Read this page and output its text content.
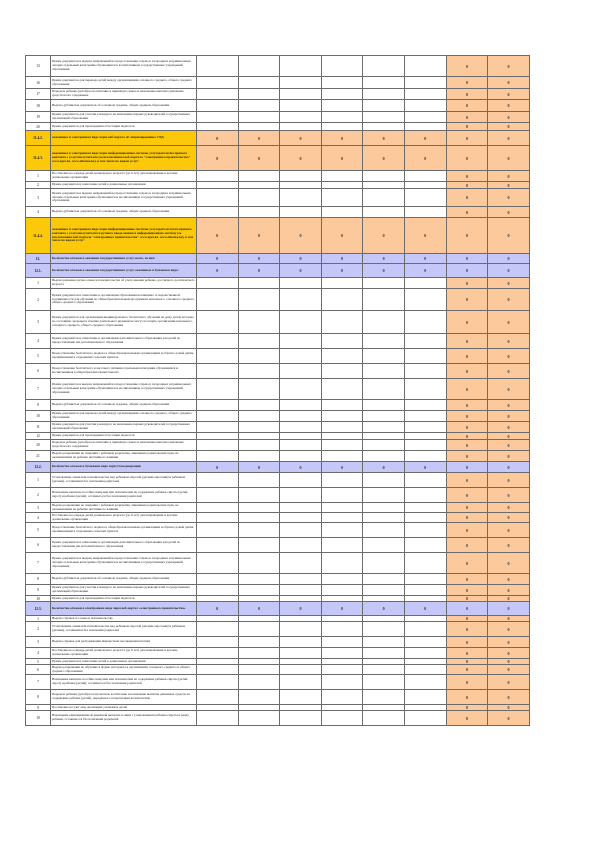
13	Прием документов и выдача направлений на предоставление отдыха в загородных и пришкольных лагерях отдельным категориям обучающихся в воспитанников государственных учреждений образования							0	0
16	Прием документов для перевода детей между организациями основного среднего, общего среднего образования							0	0
17	Передача ребенка (детей) на воспитание в приемную семью и назначение выплаты денежных средств на их содержание							0	0
18	Выдача дубликатов документов об основном среднем, общем среднем образовании							0	0
19	Прием документов для участия в конкурсе на назначение первых руководителей государственных организаций образования							0	0
20	Прием документов для прохождения аттестации педагогов							0	0
11.4.2.	оказанных в электронном виде через веб-портал «Е-лицензирование» ГБД	0	0	0	0	0	0	0	0
11.4.3.	оказанных в электронном виде через информационные системы услугодателя без прямого контакта с услугополучателем (за исключением веб-портала "электронного правительства" www.egov.kz, www.elicense.kz), в том числе по видам услуг:	0	0	0	0	0	0	0	0
1	Постановка на очередь детей дошкольного возраста (до 6 лет) для направления в детские дошкольные организации							0	0
2	Прием документов и зачисление детей в дошкольные организации							0	0
3	Прием документов и выдача направлений на предоставление отдыха в загородных и пришкольных лагерях отдельным категориям обучающихся и воспитанников государственных учреждений образования							0	0
4	Выдача дубликатов документов об основном среднем, общем среднем образовании							0	0
11.4.4.	оказанных в электронном виде через информационные системы услугодателя путем прямого контакта с услугополучателем и ручного ввода заявки в информационную систему (за исключением веб-портала "электронного правительства" www.egov.kz, www.elicense.kz), в том числе по видам услуг:	0	0	0	0	0	0	0	0
12.	Количество отказов в оказании государственных услуг, всего, из них:	0	0	0	0	0	0	0	0
12.1.	Количество отказов в оказании государственных услуг, оказанных в бумажном виде:	0	0	0	0	0	0	0	0
1	Выдача решения органа опеки и попечительства об учете мнения ребенка, достигшего десятилетнего возраста							0	0
2	Прием документов и зачисление в организации образования независимо от ведомственной подчиненности для обучения по общеобразовательным программам начального, основного среднего, общего среднего образования							0	0
3	Прием документов для организации индивидуального бесплатного обучения на дому детей, которые по состоянию здоровья в течение длительного времени не могут посещать организации начального, основного среднего, общего среднего образования							0	0
4	Прием документов и зачисление в организации дополнительного образования для детей по предоставлению им дополнительного образования							0	0
5	Предоставление бесплатного подвоза к общеобразовательным организациям и обратно домой детям, проживающим в отдаленных сельских пунктах							0	0
6	Предоставление бесплатного и льготного питания отдельным категориям обучающихся и воспитанников в общеобразовательных школах							0	0
7	Прием документов и выдача направлений на предоставление отдыха в загородных и пришкольных лагерях отдельным категориям обучающихся и воспитанников государственных учреждений образования							0	0
8	Выдача дубликатов документов об основном среднем, общем среднем образовании							0	0
10	Прием документов для перевода детей между организациями основного среднего, общего среднего образования							0	0
11	Прием документов для участия в конкурсе на назначение первых руководителей государственных организаций образования							0	0
12	Прием документов для прохождения аттестации педагогов							0	0
20	Передача ребенка (детей) на воспитание в приемную семью и назначение выплаты денежных средств на их содержание							0	0
21	Выдача разрешения на свидания с ребенком родителям, лишенным родительских прав, не оказывающим на ребенка негативного влияния							0	0
12.2.	Количество отказов в бумажном виде через Госкорпорацию	0	0	0	0	0	0	0	0
1	Установление опеки или попечительства над ребенком-сиротой (детьми-сиротами) и ребенком (детьми), оставшимся без попечения родителей							0	0
2	Назначение выплаты пособия опекунам или попечителям на содержание ребенка-сироты (детей-сирот) и ребенка (детей), оставшегося без попечения родителей							0	0
3	Выдача разрешения на свидания с ребенком родителям, лишенным родительских прав, не оказывающим на ребенка негативного влияния							0	0
4	Постановка на очередь детей дошкольного возраста (до 6 лет) для направления в детские дошкольные организации							0	0
5	Предоставление бесплатного подвоза к общеобразовательным организациям и обратно домой детям, проживающим в отдаленных сельских пунктах							0	0
6	Прием документов и зачисление в организации дополнительного образования для детей по предоставлению им дополнительного образования							0	0
7	Прием документов и выдача направлений на предоставление отдыха в загородных и пришкольных лагерях отдельным категориям обучающихся и воспитанников государственных учреждений образования							0	0
8	Выдача дубликатов документов об основном среднем, общем среднем образовании							0	0
9	Прием документов для участия в конкурсе на назначение первых руководителей государственных организаций образования							0	0
10	Прием документов для прохождения аттестации педагогов							0	0
12.3.	Количество отказов в электронном виде через веб-портал «электронного правительства»	0	0	0	0	0	0	0	0
1	Выдача справок по опеке и попечительству							0	0
2	Установление опеки или попечительства над ребенком-сиротой (детьми-сиротами) и ребенком (детьми), оставшимся без попечения родителей							0	0
3	Выдача справок для распоряжения имуществом несовершеннолетних							0	0
4	Постановка на очередь детей дошкольного возраста (до 6 лет) для направления в детские дошкольные организации							0	0
5	Прием документов и зачисление детей в дошкольные организации							0	0
6	Выдача разрешения на обучение в форме экстерната в организациях основного среднего и общего среднего образования							0	0
7	Назначение выплаты пособия опекунам или попечителям на содержание ребенка-сироты (детей-сирот) и ребенка (детей), оставшегося без попечения родителей							0	0
8	Передача ребенка (детей) на патронатное воспитание и назначение выплаты денежных средств на содержание ребенка (детей), переданного патронатным воспитателям							0	0
9	Постановка на учет лиц, желающих усыновить детей							0	0
10	Назначение единовременной денежной выплаты в связи с усыновлением ребенка-сироты и (или) ребенка, оставшегося без попечения родителей							0	0
